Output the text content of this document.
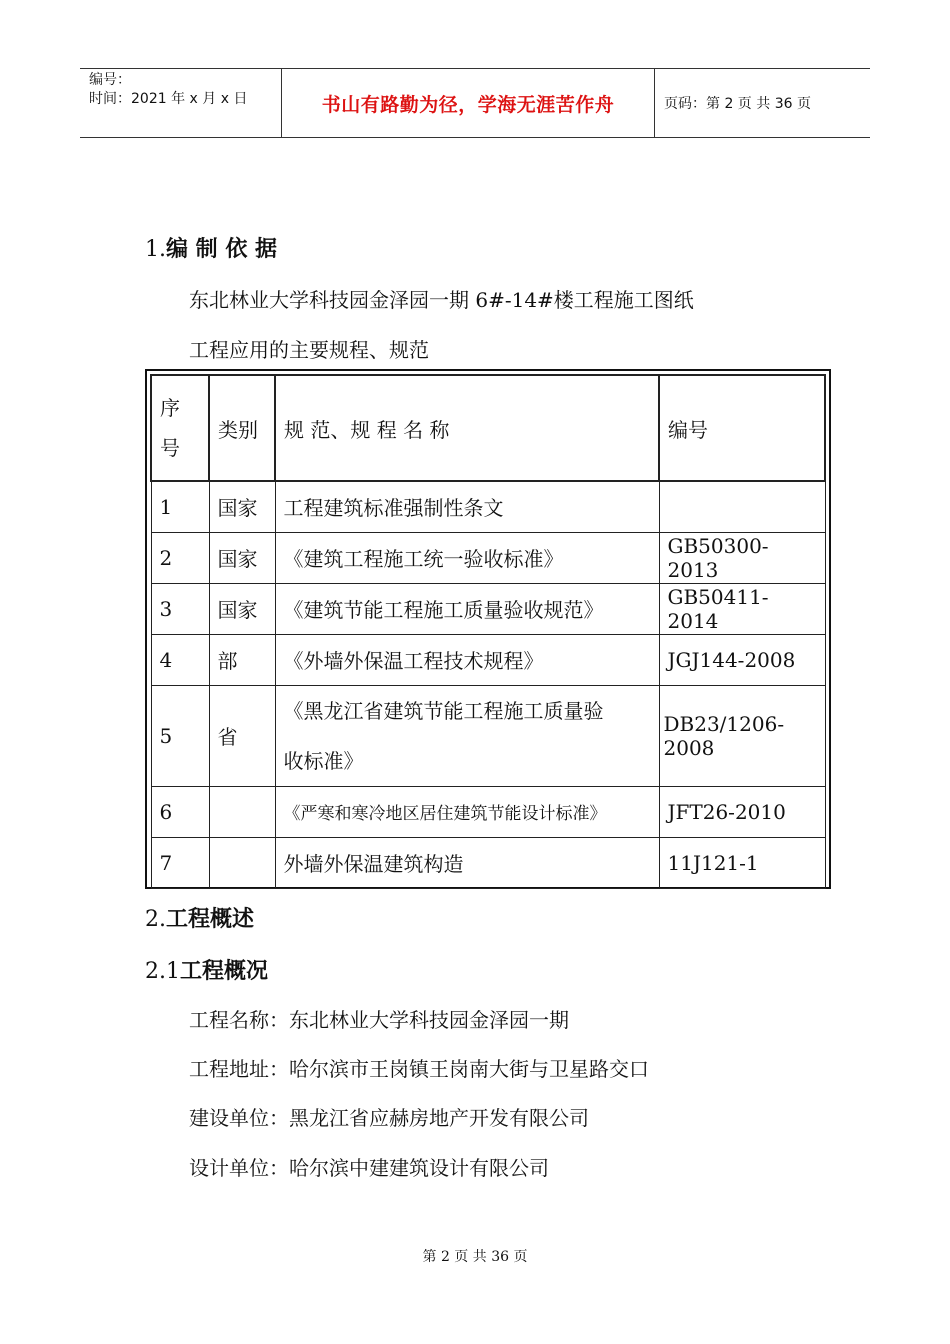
编号：
时间：2021 年 x 月 x 日	书山有路勤为径，学海无涯苦作舟	页码：第 2 页 共 36 页
1.编 制 依 据

东北林业大学科技园金泽园一期 6#-14#楼工程施工图纸

工程应用的主要规程、规范

序
号	类别	规 范、规 程 名 称	编号
1	国家	工程建筑标准强制性条文	
2	国家	《建筑工程施工统一验收标准》	GB50300-2013
3	国家	《建筑节能工程施工质量验收规范》	GB50411-2014
4	部	《外墙外保温工程技术规程》	JGJ144-2008
5	省	《黑龙江省建筑节能工程施工质量验
收标准》	DB23/1206-2008
6		《严寒和寒冷地区居住建筑节能设计标准》	JFT26-2010
7		外墙外保温建筑构造	11J121-1
2.工程概述
2.1工程概况

工程名称：东北林业大学科技园金泽园一期

工程地址：哈尔滨市王岗镇王岗南大街与卫星路交口

建设单位：黑龙江省应赫房地产开发有限公司

设计单位：哈尔滨中建建筑设计有限公司

第 2 页 共 36 页
